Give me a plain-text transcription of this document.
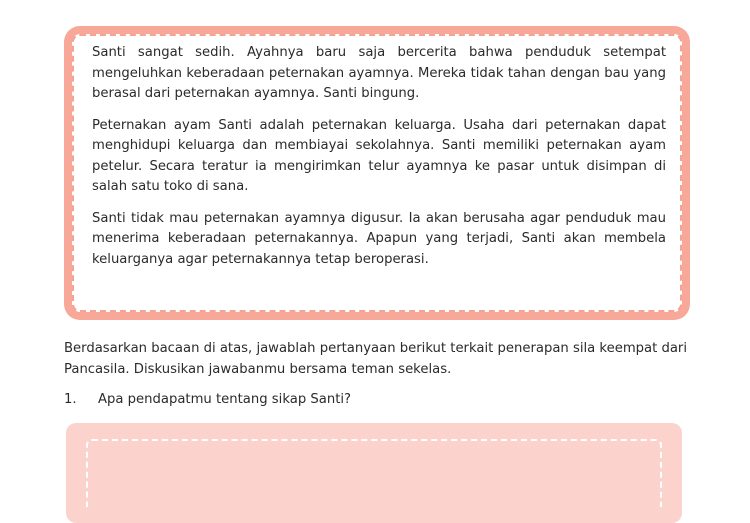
Santi sangat sedih. Ayahnya baru saja bercerita bahwa penduduk setempat mengeluhkan keberadaan peternakan ayamnya. Mereka tidak tahan dengan bau yang berasal dari peternakan ayamnya. Santi bingung.

Peternakan ayam Santi adalah peternakan keluarga. Usaha dari peternakan dapat menghidupi keluarga dan membiayai sekolahnya. Santi memiliki peternakan ayam petelur. Secara teratur ia mengirimkan telur ayamnya ke pasar untuk disimpan di salah satu toko di sana.

Santi tidak mau peternakan ayamnya digusur. Ia akan berusaha agar penduduk mau menerima keberadaan peternakannya. Apapun yang terjadi, Santi akan membela keluarganya agar peternakannya tetap beroperasi.

Berdasarkan bacaan di atas, jawablah pertanyaan berikut terkait penerapan sila keempat dari Pancasila. Diskusikan jawabanmu bersama teman sekelas.

1. Apa pendapatmu tentang sikap Santi?
